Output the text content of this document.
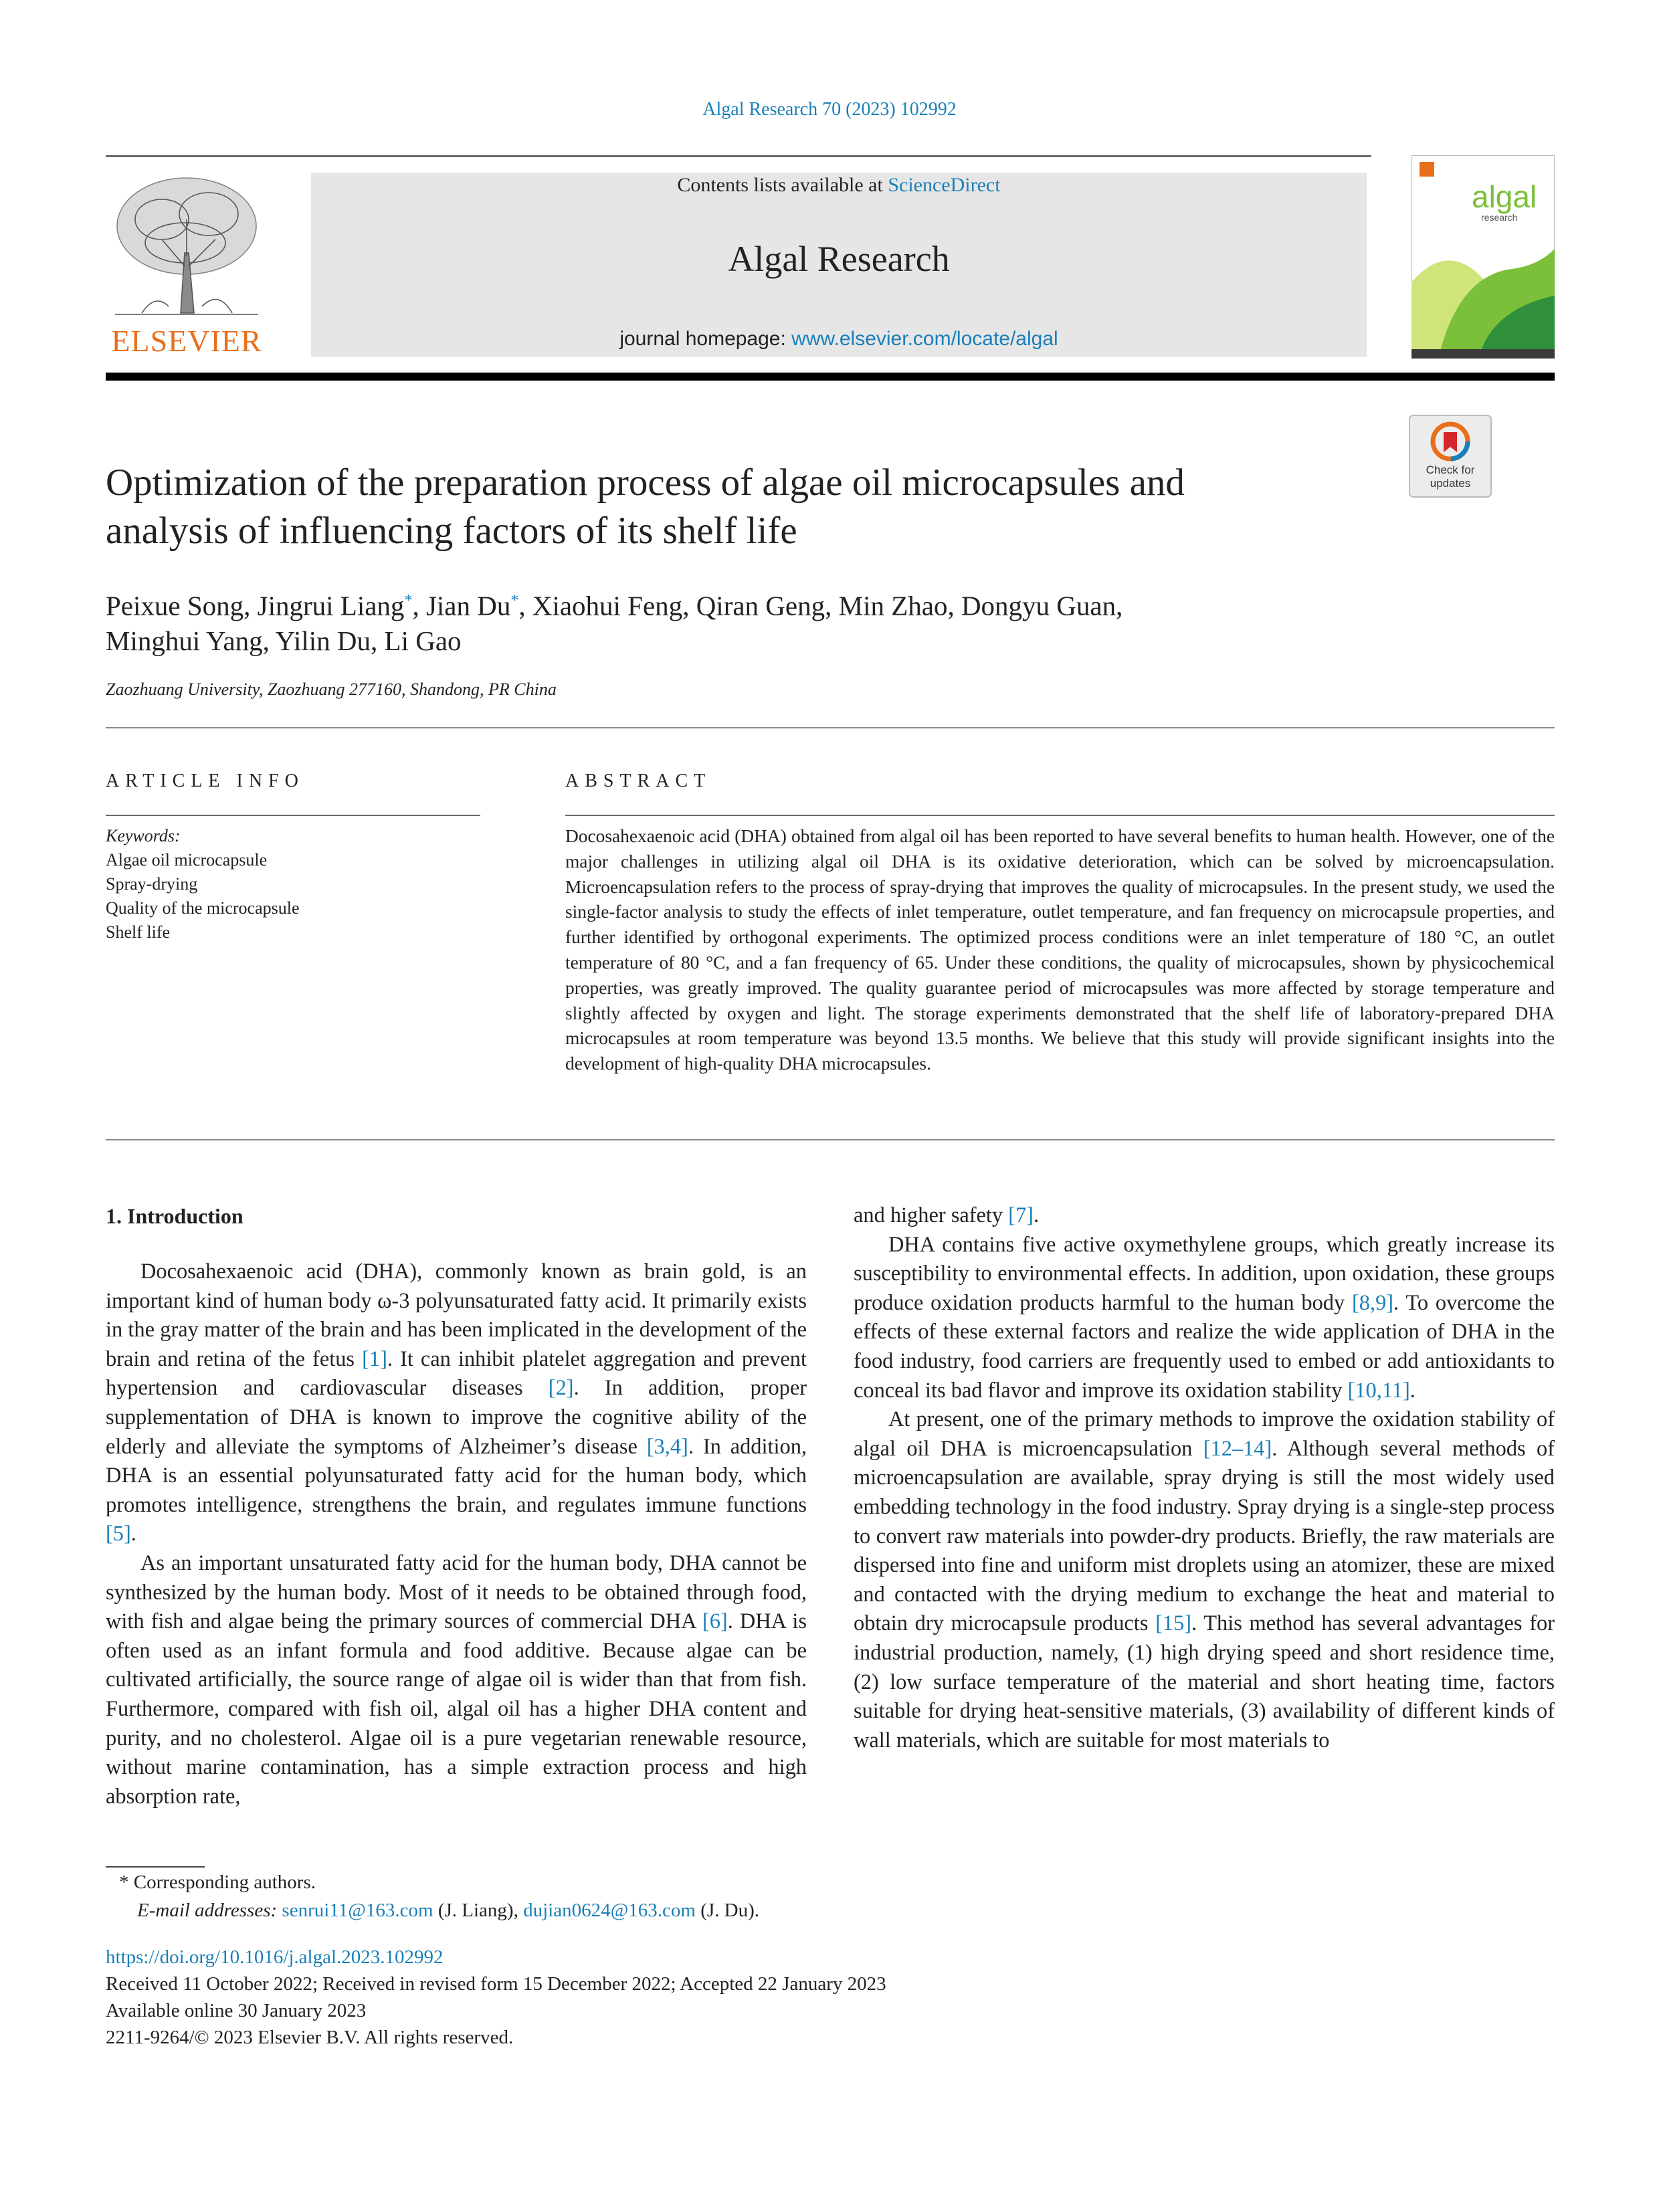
Algal Research 70 (2023) 102992
ELSEVIER
Contents lists available at ScienceDirect
Algal Research
journal homepage: www.elsevier.com/locate/algal
algal
research
Check for
updates
Optimization of the preparation process of algae oil microcapsules and
analysis of influencing factors of its shelf life
Peixue Song, Jingrui Liang*, Jian Du*, Xiaohui Feng, Qiran Geng, Min Zhao, Dongyu Guan,
Minghui Yang, Yilin Du, Li Gao
Zaozhuang University, Zaozhuang 277160, Shandong, PR China
ARTICLE INFO	ABSTRACT
Keywords:
Algae oil microcapsule
Spray-drying
Quality of the microcapsule
Shelf life
Docosahexaenoic acid (DHA) obtained from algal oil has been reported to have several benefits to human health. However, one of the major challenges in utilizing algal oil DHA is its oxidative deterioration, which can be solved by microencapsulation. Microencapsulation refers to the process of spray-drying that improves the quality of microcapsules. In the present study, we used the single-factor analysis to study the effects of inlet temperature, outlet temperature, and fan frequency on microcapsule properties, and further identified by orthogonal experiments. The optimized process conditions were an inlet temperature of 180 °C, an outlet temperature of 80 °C, and a fan frequency of 65. Under these conditions, the quality of microcapsules, shown by physicochemical properties, was greatly improved. The quality guarantee period of microcapsules was more affected by storage temperature and slightly affected by oxygen and light. The storage experiments demonstrated that the shelf life of laboratory-prepared DHA microcapsules at room temperature was beyond 13.5 months. We believe that this study will provide significant insights into the development of high-quality DHA microcapsules.
1. Introduction

Docosahexaenoic acid (DHA), commonly known as brain gold, is an important kind of human body ω-3 polyunsaturated fatty acid. It primarily exists in the gray matter of the brain and has been implicated in the development of the brain and retina of the fetus [1]. It can inhibit platelet aggregation and prevent hypertension and cardiovascular diseases [2]. In addition, proper supplementation of DHA is known to improve the cognitive ability of the elderly and alleviate the symptoms of Alzheimer’s disease [3,4]. In addition, DHA is an essential polyunsaturated fatty acid for the human body, which promotes intelligence, strengthens the brain, and regulates immune functions [5].

As an important unsaturated fatty acid for the human body, DHA cannot be synthesized by the human body. Most of it needs to be obtained through food, with fish and algae being the primary sources of commercial DHA [6]. DHA is often used as an infant formula and food additive. Because algae can be cultivated artificially, the source range of algae oil is wider than that from fish. Furthermore, compared with fish oil, algal oil has a higher DHA content and purity, and no cholesterol. Algae oil is a pure vegetarian renewable resource, without marine contamination, has a simple extraction process and high absorption rate,

and higher safety [7].

DHA contains five active oxymethylene groups, which greatly increase its susceptibility to environmental effects. In addition, upon oxidation, these groups produce oxidation products harmful to the human body [8,9]. To overcome the effects of these external factors and realize the wide application of DHA in the food industry, food carriers are frequently used to embed or add antioxidants to conceal its bad flavor and improve its oxidation stability [10,11].

At present, one of the primary methods to improve the oxidation stability of algal oil DHA is microencapsulation [12–14]. Although several methods of microencapsulation are available, spray drying is still the most widely used embedding technology in the food industry. Spray drying is a single-step process to convert raw materials into powder-dry products. Briefly, the raw materials are dispersed into fine and uniform mist droplets using an atomizer, these are mixed and contacted with the drying medium to exchange the heat and material to obtain dry microcapsule products [15]. This method has several advantages for industrial production, namely, (1) high drying speed and short residence time, (2) low surface temperature of the material and short heating time, factors suitable for drying heat-sensitive materials, (3) availability of different kinds of wall materials, which are suitable for most materials to

* Corresponding authors.
E-mail addresses: senrui11@163.com (J. Liang), dujian0624@163.com (J. Du).
https://doi.org/10.1016/j.algal.2023.102992
Received 11 October 2022; Received in revised form 15 December 2022; Accepted 22 January 2023
Available online 30 January 2023
2211-9264/© 2023 Elsevier B.V. All rights reserved.
